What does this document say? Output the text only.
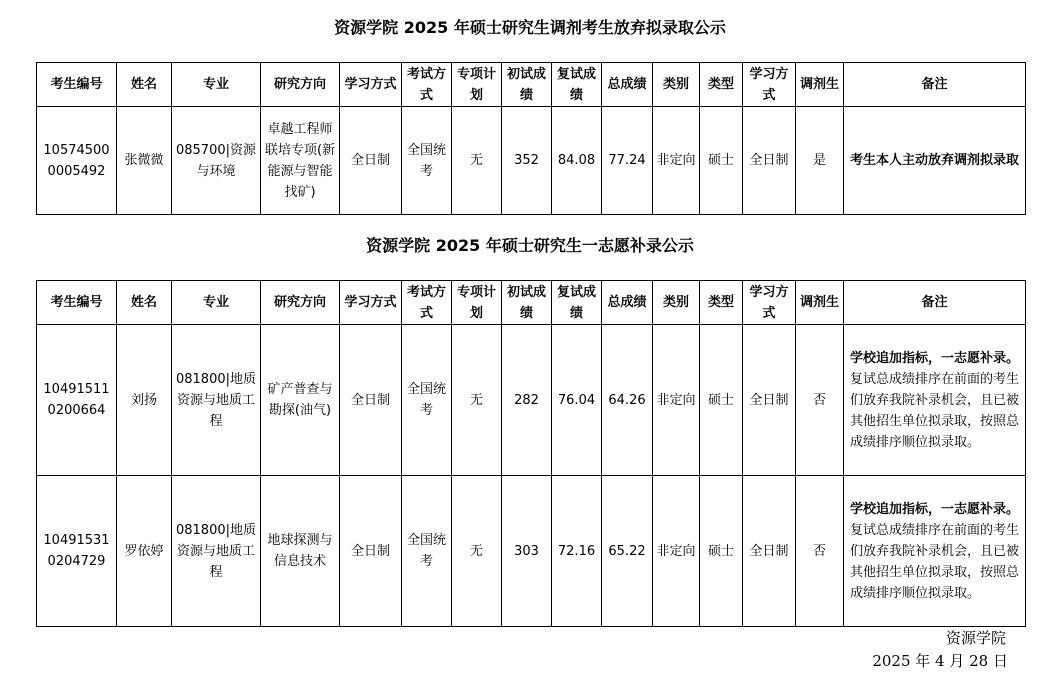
资源学院 2025 年硕士研究生调剂考生放弃拟录取公示
考生编号	姓名	专业	研究方向	学习方式	考试方式	专项计划	初试成绩	复试成绩	总成绩	类别	类型	学习方式	调剂生	备注
105745000005492	张微微	085700|资源与环境	卓越工程师联培专项(新能源与智能找矿)	全日制	全国统考	无	352	84.08	77.24	非定向	硕士	全日制	是	考生本人主动放弃调剂拟录取
资源学院 2025 年硕士研究生一志愿补录公示
考生编号	姓名	专业	研究方向	学习方式	考试方式	专项计划	初试成绩	复试成绩	总成绩	类别	类型	学习方式	调剂生	备注
104915110200664	刘扬	081800|地质资源与地质工程	矿产普查与勘探(油气)	全日制	全国统考	无	282	76.04	64.26	非定向	硕士	全日制	否	学校追加指标，一志愿补录。
复试总成绩排序在前面的考生们放弃我院补录机会，且已被其他招生单位拟录取，按照总成绩排序顺位拟录取。

104915310204729	罗依婷	081800|地质资源与地质工程	地球探测与信息技术	全日制	全国统考	无	303	72.16	65.22	非定向	硕士	全日制	否	学校追加指标，一志愿补录。
复试总成绩排序在前面的考生们放弃我院补录机会，且已被其他招生单位拟录取，按照总成绩排序顺位拟录取。
资源学院
2025 年 4 月 28 日
